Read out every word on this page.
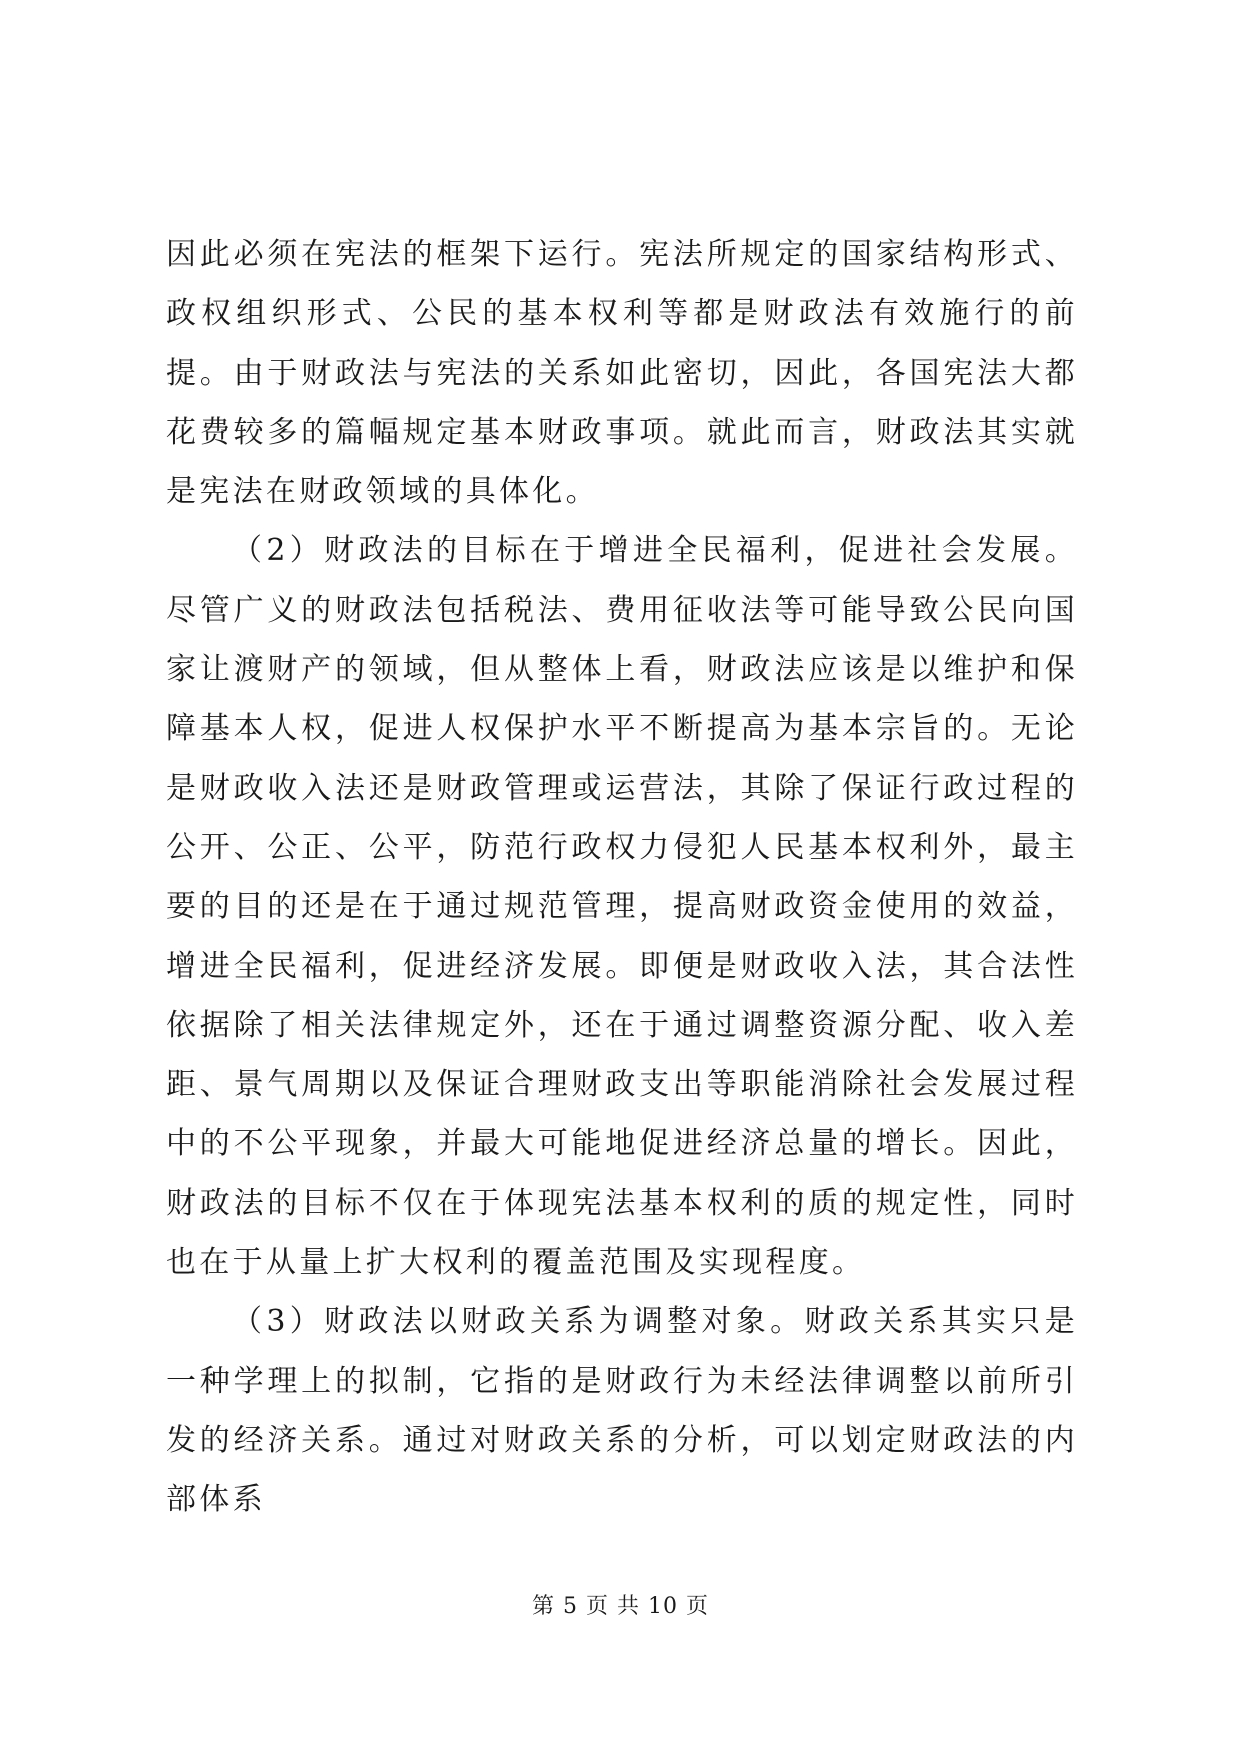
因此必须在宪法的框架下运行。宪法所规定的国家结构形式、政权组织形式、公民的基本权利等都是财政法有效施行的前提。由于财政法与宪法的关系如此密切，因此，各国宪法大都花费较多的篇幅规定基本财政事项。就此而言，财政法其实就是宪法在财政领域的具体化。

（2）财政法的目标在于增进全民福利，促进社会发展。尽管广义的财政法包括税法、费用征收法等可能导致公民向国家让渡财产的领域，但从整体上看，财政法应该是以维护和保障基本人权，促进人权保护水平不断提高为基本宗旨的。无论是财政收入法还是财政管理或运营法，其除了保证行政过程的公开、公正、公平，防范行政权力侵犯人民基本权利外，最主要的目的还是在于通过规范管理，提高财政资金使用的效益，增进全民福利，促进经济发展。即便是财政收入法，其合法性依据除了相关法律规定外，还在于通过调整资源分配、收入差距、景气周期以及保证合理财政支出等职能消除社会发展过程中的不公平现象，并最大可能地促进经济总量的增长。因此，财政法的目标不仅在于体现宪法基本权利的质的规定性，同时也在于从量上扩大权利的覆盖范围及实现程度。

（3）财政法以财政关系为调整对象。财政关系其实只是一种学理上的拟制，它指的是财政行为未经法律调整以前所引发的经济关系。通过对财政关系的分析，可以划定财政法的内部体系

第 5 页 共 10 页
